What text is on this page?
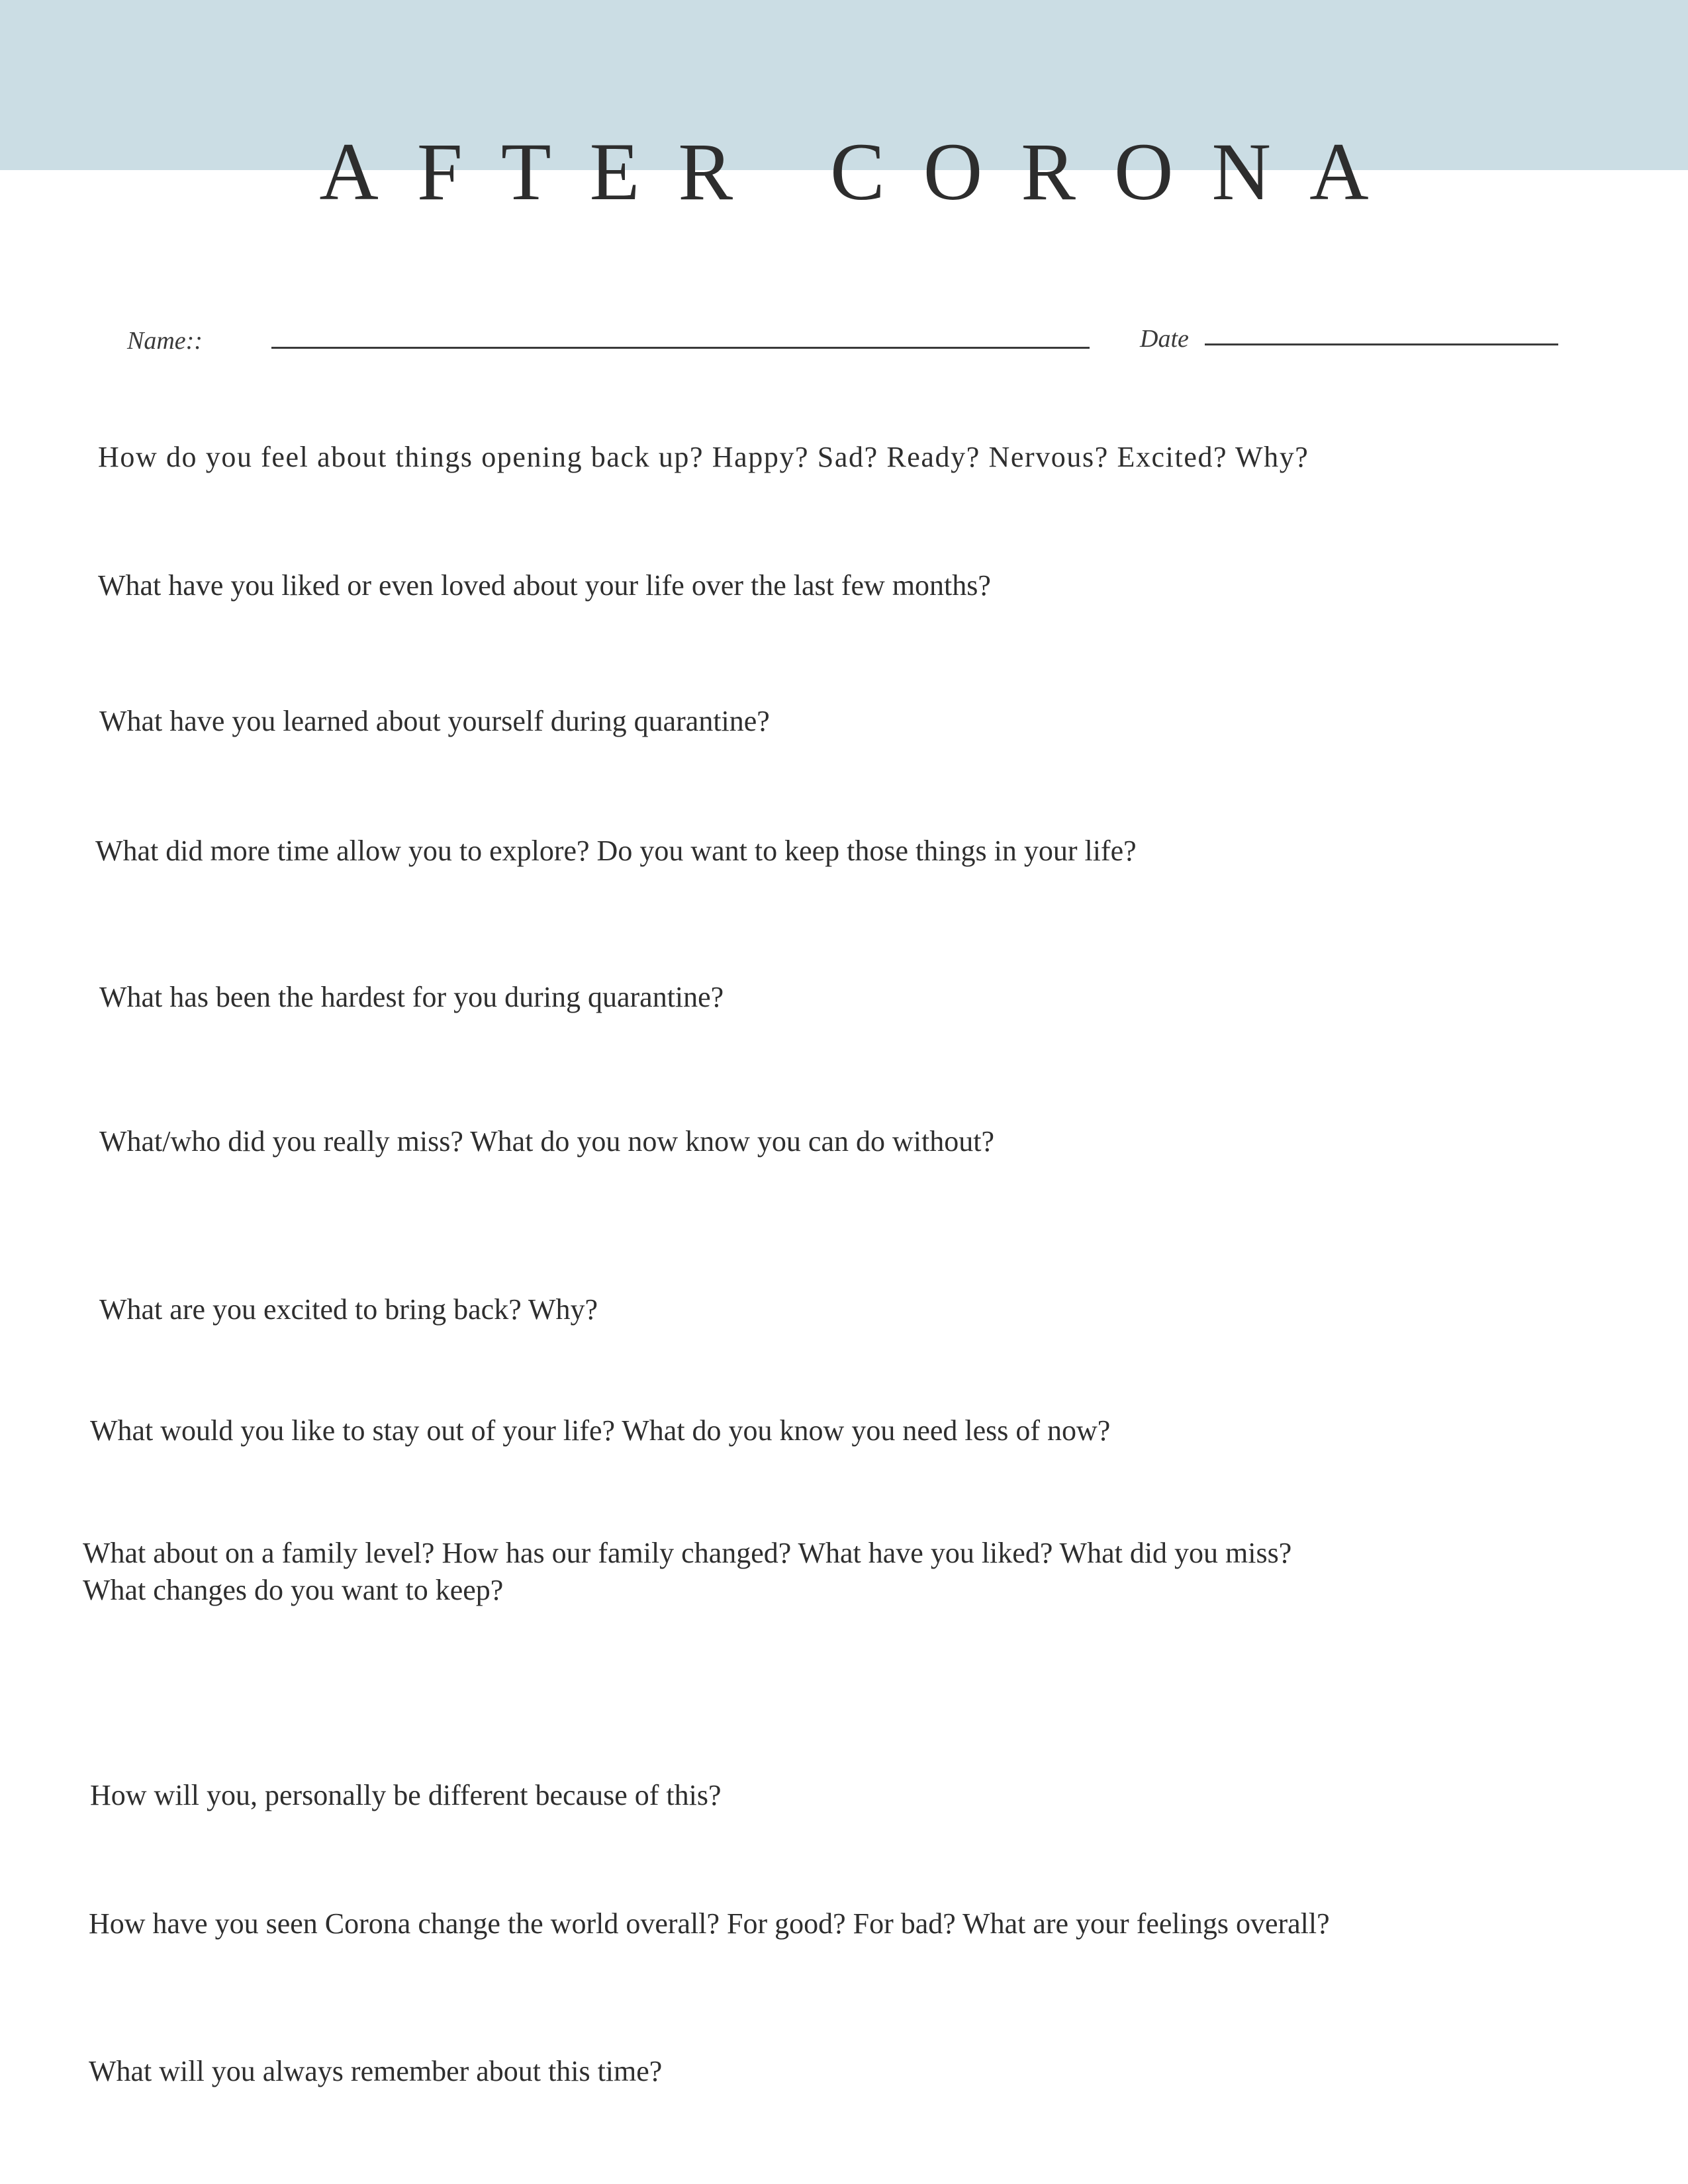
AFTER CORONA
Name::	Date
How do you feel about things opening back up? Happy? Sad? Ready? Nervous? Excited? Why?
What have you liked or even loved about your life over the last few months?
What have you learned about yourself during quarantine?
What did more time allow you to explore? Do you want to keep those things in your life?
What has been the hardest for you during quarantine?
What/who did you really miss? What do you now know you can do without?
What are you excited to bring back? Why?
What would you like to stay out of your life? What do you know you need less of now?
What about on a family level? How has our family changed? What have you liked? What did you miss?
What changes do you want to keep?
How will you, personally be different because of this?
How have you seen Corona change the world overall? For good? For bad? What are your feelings overall?
What will you always remember about this time?
